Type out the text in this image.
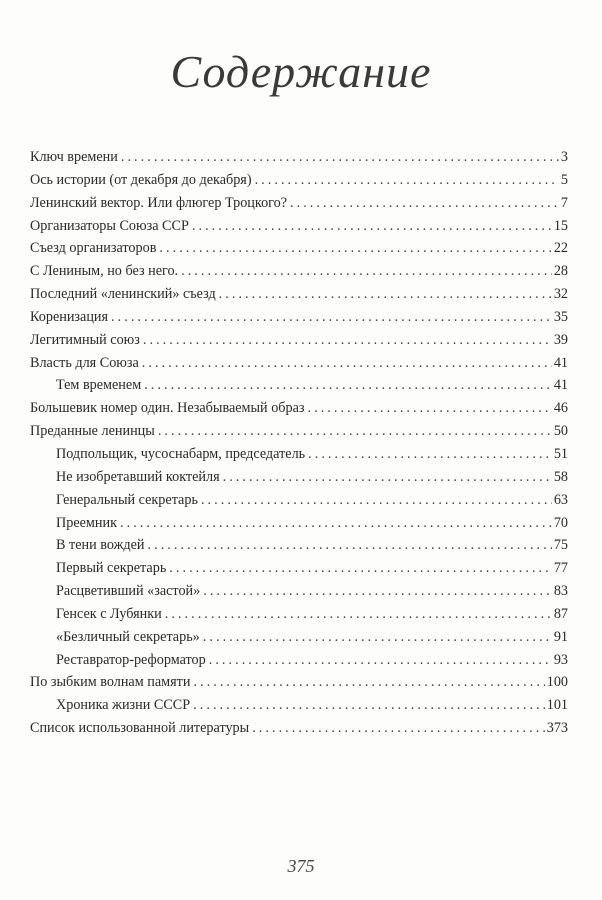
Содержание
Ключ времени . . .	3
Ось истории (от декабря до декабря) . . .	5
Ленинский вектор. Или флюгер Троцкого? . . .	7
Организаторы Союза ССР . . .	15
Съезд организаторов . . .	22
С Лениным, но без него. . . .	28
Последний «ленинский» съезд . . .	32
Коренизация . . .	35
Легитимный союз . . .	39
Власть для Союза . . .	41
Тем временем . . .	41
Большевик номер один. Незабываемый образ . . .	46
Преданные ленинцы . . .	50
Подпольщик, чусоснабарм, председатель . . .	51
Не изобретавший коктейля . . .	58
Генеральный секретарь . . .	63
Преемник . . .	70
В тени вождей . . .	75
Первый секретарь . . .	77
Расцветивший «застой» . . .	83
Генсек с Лубянки . . .	87
«Безличный секретарь» . . .	91
Реставратор-реформатор . . .	93
По зыбким волнам памяти . . .	100
Хроника жизни СССР . . .	101
Список использованной литературы . . .	373
375
